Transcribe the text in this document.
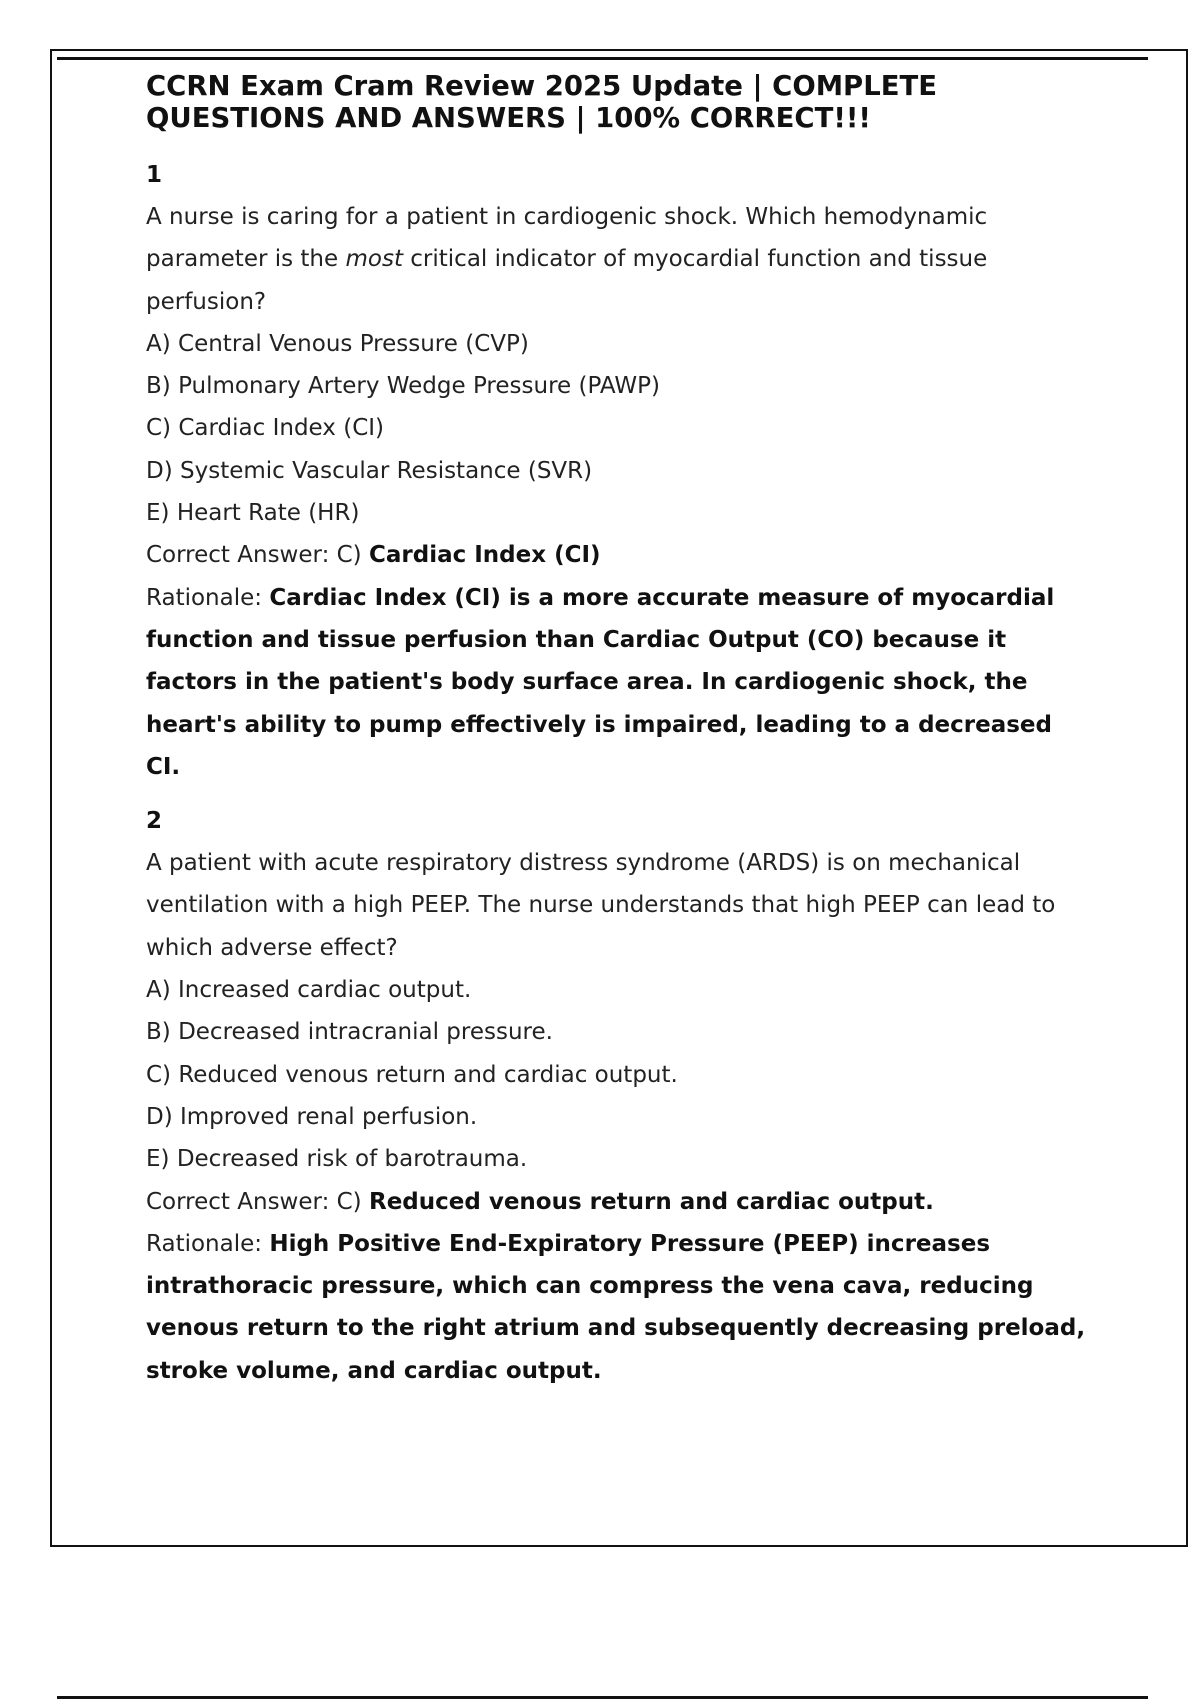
CCRN Exam Cram Review 2025 Update | COMPLETE QUESTIONS AND ANSWERS | 100% CORRECT!!!
1
A nurse is caring for a patient in cardiogenic shock. Which hemodynamic parameter is the most critical indicator of myocardial function and tissue perfusion?
A) Central Venous Pressure (CVP)
B) Pulmonary Artery Wedge Pressure (PAWP)
C) Cardiac Index (CI)
D) Systemic Vascular Resistance (SVR)
E) Heart Rate (HR)
Correct Answer: C) Cardiac Index (CI)
Rationale: Cardiac Index (CI) is a more accurate measure of myocardial function and tissue perfusion than Cardiac Output (CO) because it factors in the patient's body surface area. In cardiogenic shock, the heart's ability to pump effectively is impaired, leading to a decreased CI.
2
A patient with acute respiratory distress syndrome (ARDS) is on mechanical ventilation with a high PEEP. The nurse understands that high PEEP can lead to which adverse effect?
A) Increased cardiac output.
B) Decreased intracranial pressure.
C) Reduced venous return and cardiac output.
D) Improved renal perfusion.
E) Decreased risk of barotrauma.
Correct Answer: C) Reduced venous return and cardiac output.
Rationale: High Positive End-Expiratory Pressure (PEEP) increases intrathoracic pressure, which can compress the vena cava, reducing venous return to the right atrium and subsequently decreasing preload, stroke volume, and cardiac output.
